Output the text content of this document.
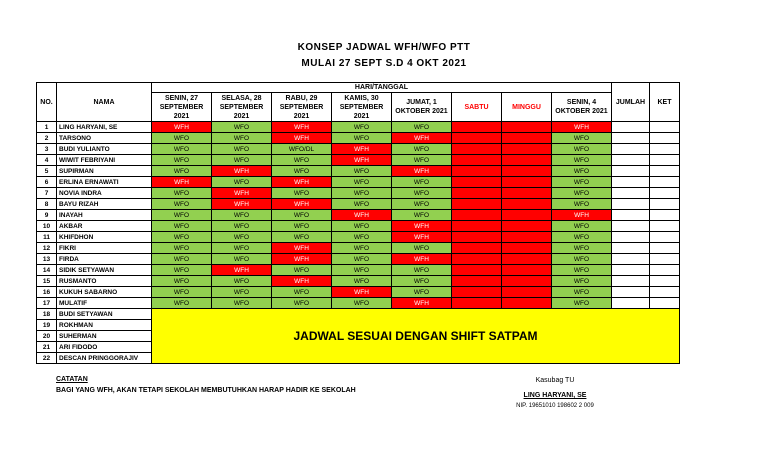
KONSEP JADWAL WFH/WFO PTT
MULAI 27 SEPT S.D 4 OKT 2021
NO.	NAMA	HARI/TANGGAL								JUMLAH	KET
		SENIN, 27 SEPTEMBER 2021	SELASA, 28 SEPTEMBER 2021	RABU, 29 SEPTEMBER 2021	KAMIS, 30 SEPTEMBER 2021	JUMAT, 1 OKTOBER 2021	SABTU	MINGGU	SENIN, 4 OKTOBER 2021		
1	LING HARYANI, SE	WFH	WFO	WFH	WFO	WFO			WFH		
2	TARSONO	WFO	WFO	WFH	WFO	WFH			WFO		
3	BUDI YULIANTO	WFO	WFO	WFO/DL	WFH	WFO			WFO		
4	WIWIT FEBRIYANI	WFO	WFO	WFO	WFH	WFO			WFO		
5	SUPIRMAN	WFO	WFH	WFO	WFO	WFH			WFO		
6	ERLINA ERNAWATI	WFH	WFO	WFH	WFO	WFO			WFO		
7	NOVIA INDRA	WFO	WFH	WFO	WFO	WFO			WFO		
8	BAYU RIZAH	WFO	WFH	WFH	WFO	WFO			WFO		
9	INAYAH	WFO	WFO	WFO	WFH	WFO			WFH		
10	AKBAR	WFO	WFO	WFO	WFO	WFH			WFO		
11	KHIFDHON	WFO	WFO	WFO	WFO	WFH			WFO		
12	FIKRI	WFO	WFO	WFH	WFO	WFO			WFO		
13	FIRDA	WFO	WFO	WFH	WFO	WFH			WFO		
14	SIDIK SETYAWAN	WFO	WFH	WFO	WFO	WFO			WFO		
15	RUSMANTO	WFO	WFO	WFH	WFO	WFO			WFO		
16	KUKUH SABARNO	WFO	WFO	WFO	WFH	WFO			WFO		
17	MULATIF	WFO	WFO	WFO	WFO	WFH			WFO		
18	BUDI SETYAWAN	JADWAL SESUAI DENGAN SHIFT SATPAM									
19	ROKHMAN										
20	SUHERMAN										
21	ARI FIDODO										
22	DESCAN PRINGGORAJIV										
CATATAN
BAGI YANG WFH, AKAN TETAPI SEKOLAH MEMBUTUHKAN HARAP HADIR KE SEKOLAH
Kasubag TU
LING HARYANI, SE
NIP. 19651010 198602 2 009
